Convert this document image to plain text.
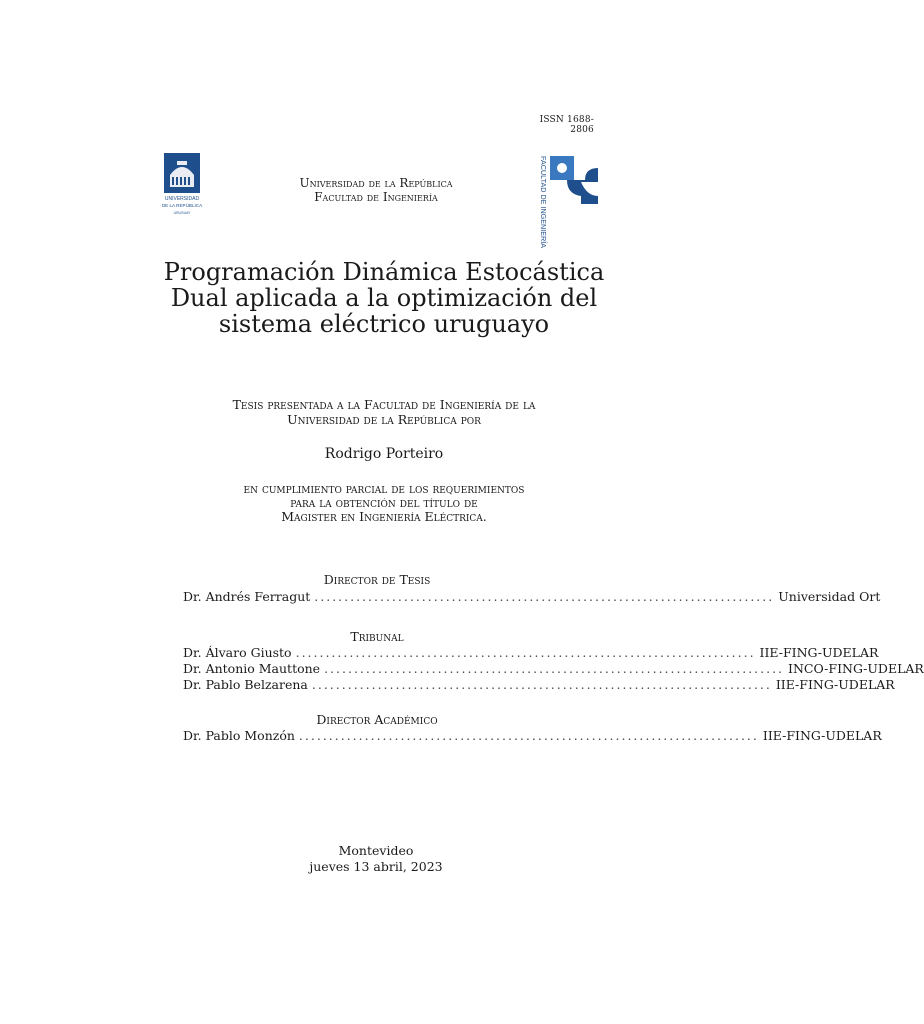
ISSN 1688-2806
UNIVERSIDAD
DE LA REPÚBLICA
URUGUAY
Universidad de la República
Facultad de Ingeniería	FACULTAD DE INGENIERÍA
Programación Dinámica Estocástica
Dual aplicada a la optimización del
sistema eléctrico uruguayo
Tesis presentada a la Facultad de Ingeniería de la
Universidad de la República por
Rodrigo Porteiro
en cumplimiento parcial de los requerimientos
para la obtención del título de
Magister en Ingeniería Eléctrica.
Director de Tesis
Dr. Andrés Ferragut ............................................................................. Universidad Ort
Tribunal
Dr. Álvaro Giusto ............................................................................. IIE-FING-UDELAR
Dr. Antonio Mauttone ............................................................................. INCO-FING-UDELAR
Dr. Pablo Belzarena ............................................................................. IIE-FING-UDELAR
Director Académico
Dr. Pablo Monzón ............................................................................. IIE-FING-UDELAR
Montevideo
jueves 13 abril, 2023
